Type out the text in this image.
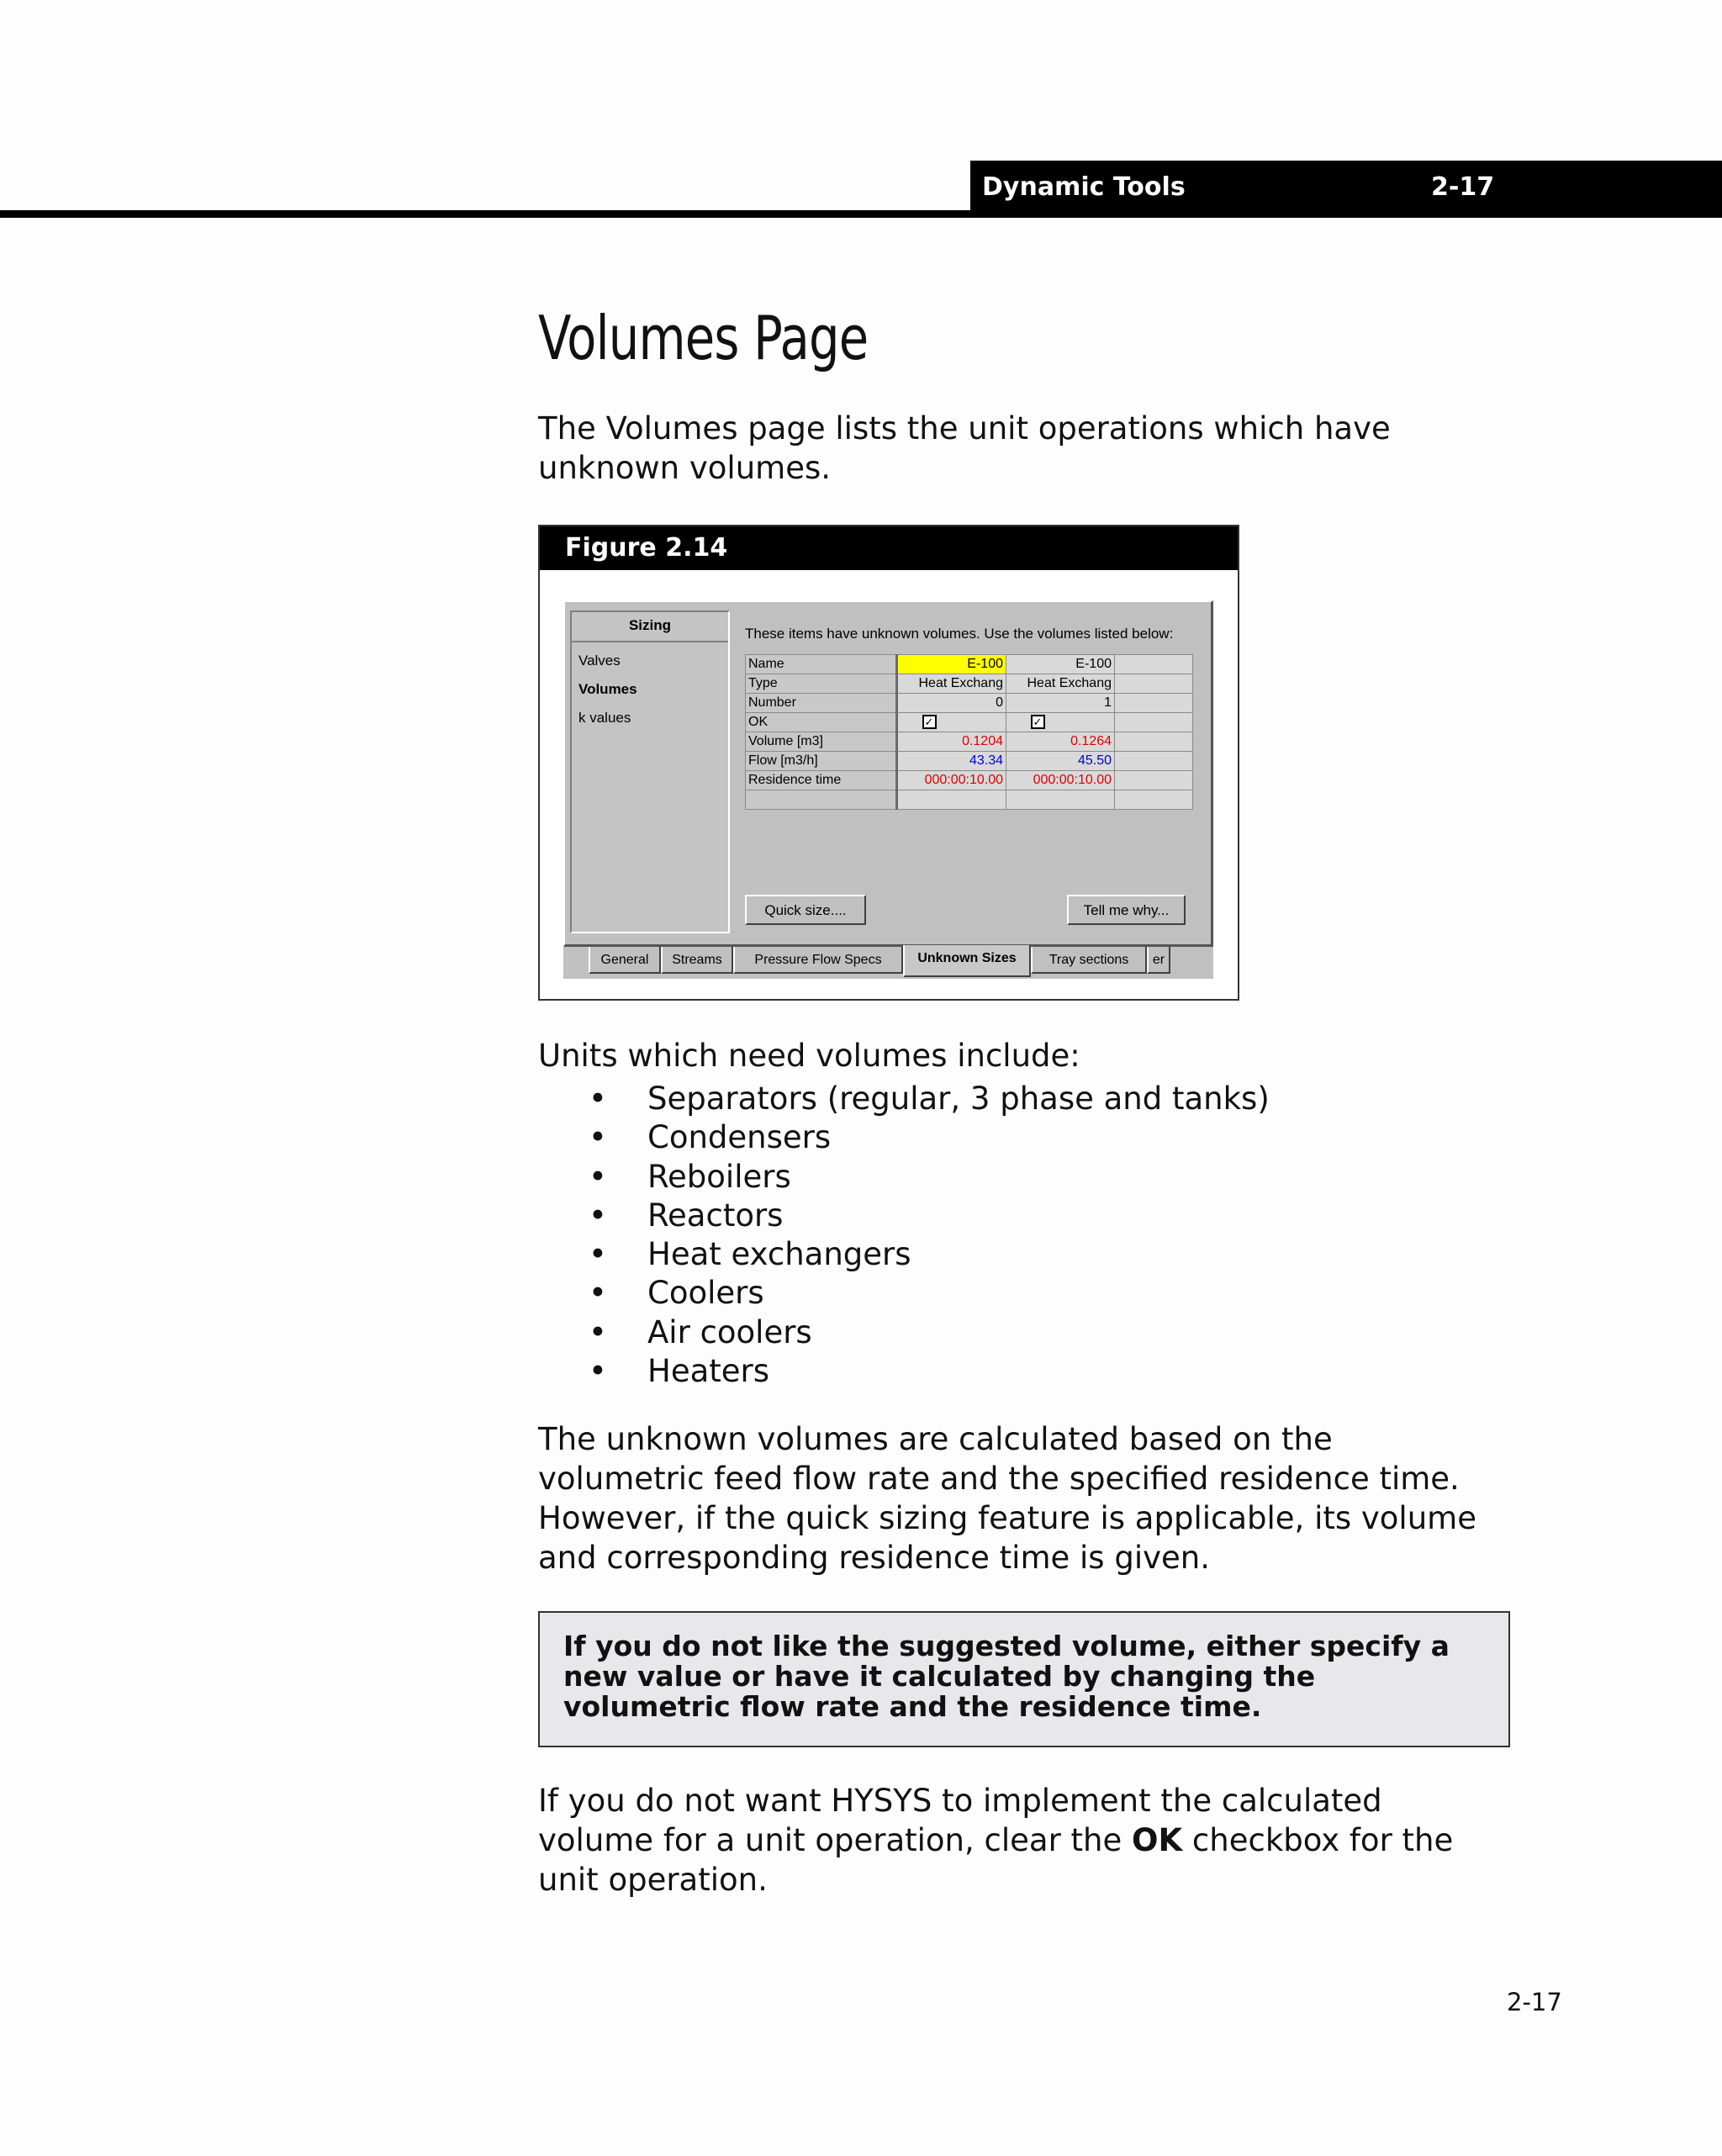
Dynamic Tools	2-17
Volumes Page
The Volumes page lists the unit operations which have unknown volumes.
Figure 2.14
Sizing
Valves
Volumes
k values
These items have unknown volumes. Use the volumes listed below:
Name	E-100	E-100	
Type	Heat Exchang	Heat Exchang	
Number	0	1	
OK	✓	✓	
Volume [m3]	0.1204	0.1264	
Flow [m3/h]	43.34	45.50	
Residence time	000:00:10.00	000:00:10.00	

Quick size....	Tell me why...
General	Streams	Pressure Flow Specs	Unknown Sizes	Tray sections	er
Units which need volumes include:
• Separators (regular, 3 phase and tanks)
• Condensers
• Reboilers
• Reactors
• Heat exchangers
• Coolers
• Air coolers
• Heaters
The unknown volumes are calculated based on the volumetric feed flow rate and the specified residence time. However, if the quick sizing feature is applicable, its volume and corresponding residence time is given.
If you do not like the suggested volume, either specify a new value or have it calculated by changing the volumetric flow rate and the residence time.
If you do not want HYSYS to implement the calculated volume for a unit operation, clear the OK checkbox for the unit operation.
2-17
